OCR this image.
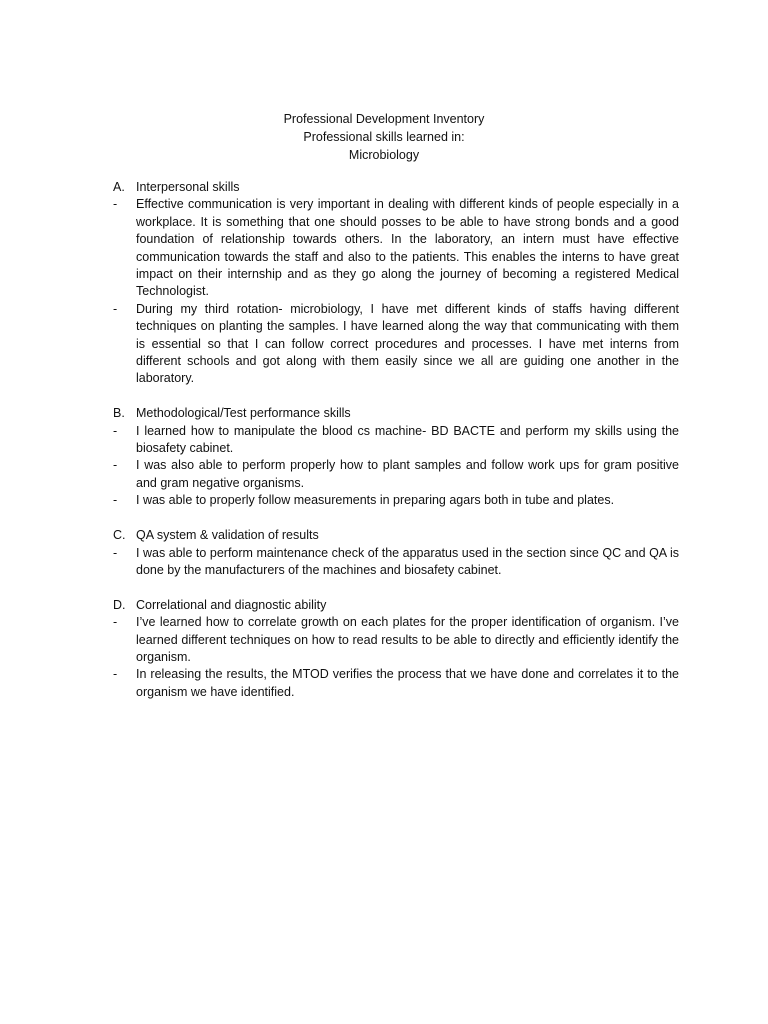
Professional Development Inventory
Professional skills learned in:
Microbiology
A. Interpersonal skills
-	Effective communication is very important in dealing with different kinds of people especially in a workplace. It is something that one should posses to be able to have strong bonds and a good foundation of relationship towards others. In the laboratory, an intern must have effective communication towards the staff and also to the patients. This enables the interns to have great impact on their internship and as they go along the journey of becoming a registered Medical Technologist.
-	During my third rotation- microbiology, I have met different kinds of staffs having different techniques on planting the samples. I have learned along the way that communicating with them is essential so that I can follow correct procedures and processes. I have met interns from different schools and got along with them easily since we all are guiding one another in the laboratory.
B. Methodological/Test performance skills
-	I learned how to manipulate the blood cs machine- BD BACTE and perform my skills using the biosafety cabinet.
-	I was also able to perform properly how to plant samples and follow work ups for gram positive and gram negative organisms.
-	I was able to properly follow measurements in preparing agars both in tube and plates.
C. QA system & validation of results
-	I was able to perform maintenance check of the apparatus used in the section since QC and QA is done by the manufacturers of the machines and biosafety cabinet.
D. Correlational and diagnostic ability
-	I’ve learned how to correlate growth on each plates for the proper identification of organism. I’ve learned different techniques on how to read results to be able to directly and efficiently identify the organism.
-	In releasing the results, the MTOD verifies the process that we have done and correlates it to the organism we have identified.
